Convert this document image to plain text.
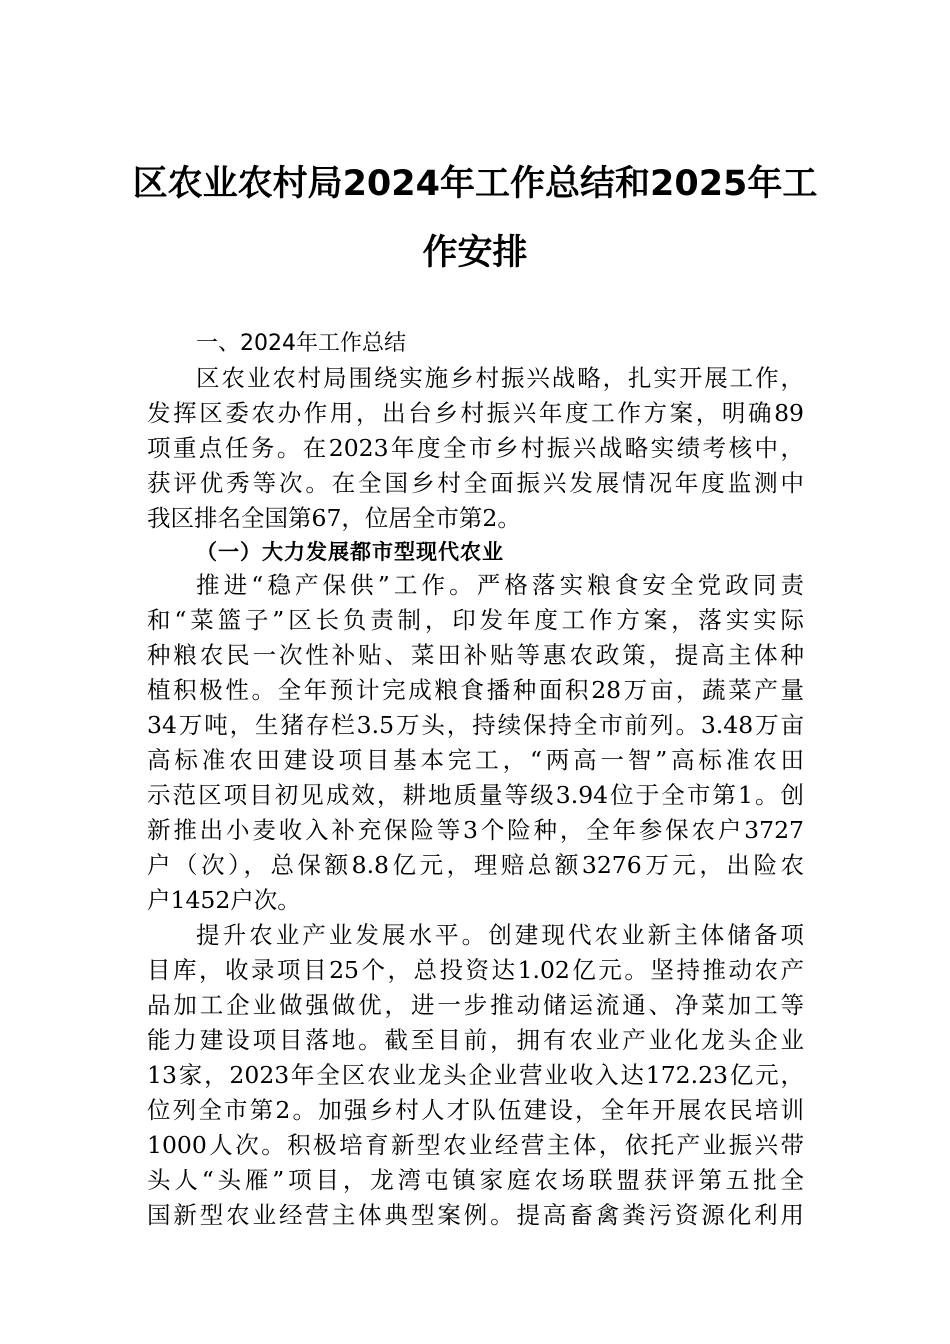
区农业农村局2024年工作总结和2025年工
作安排
一、2024年工作总结
区农业农村局围绕实施乡村振兴战略，扎实开展工作，
发挥区委农办作用，出台乡村振兴年度工作方案，明确89
项重点任务。在2023年度全市乡村振兴战略实绩考核中，
获评优秀等次。在全国乡村全面振兴发展情况年度监测中
我区排名全国第67，位居全市第2。
（一）大力发展都市型现代农业
推进“稳产保供”工作。严格落实粮食安全党政同责
和“菜篮子”区长负责制，印发年度工作方案，落实实际
种粮农民一次性补贴、菜田补贴等惠农政策，提高主体种
植积极性。全年预计完成粮食播种面积28万亩，蔬菜产量
34万吨，生猪存栏3.5万头，持续保持全市前列。3.48万亩
高标准农田建设项目基本完工，“两高一智”高标准农田
示范区项目初见成效，耕地质量等级3.94位于全市第1。创
新推出小麦收入补充保险等3个险种，全年参保农户3727
户（次），总保额8.8亿元，理赔总额3276万元，出险农
户1452户次。
提升农业产业发展水平。创建现代农业新主体储备项
目库，收录项目25个，总投资达1.02亿元。坚持推动农产
品加工企业做强做优，进一步推动储运流通、净菜加工等
能力建设项目落地。截至目前，拥有农业产业化龙头企业
13家，2023年全区农业龙头企业营业收入达172.23亿元，
位列全市第2。加强乡村人才队伍建设，全年开展农民培训
1000人次。积极培育新型农业经营主体，依托产业振兴带
头人“头雁”项目，龙湾屯镇家庭农场联盟获评第五批全
国新型农业经营主体典型案例。提高畜禽粪污资源化利用
